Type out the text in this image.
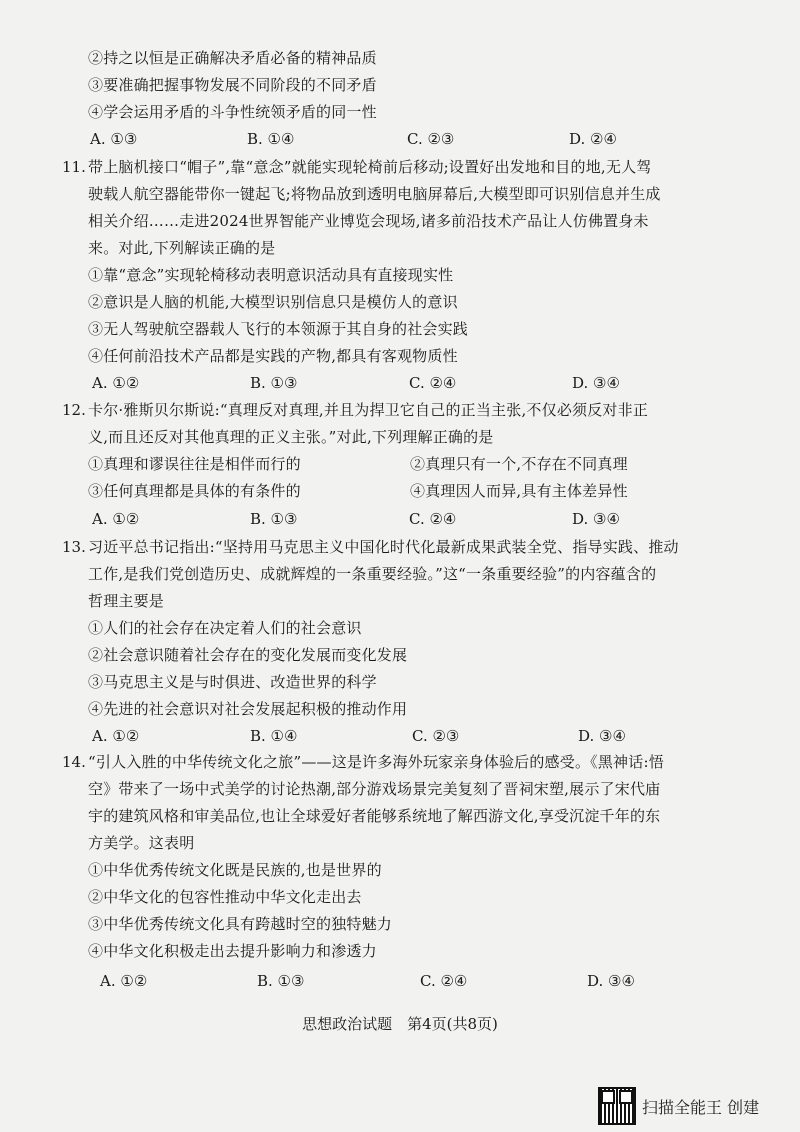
②持之以恒是正确解决矛盾必备的精神品质
③要准确把握事物发展不同阶段的不同矛盾
④学会运用矛盾的斗争性统领矛盾的同一性
A. ①③	B. ①④	C. ②③	D. ②④
11. 带上脑机接口“帽子”,靠“意念”就能实现轮椅前后移动;设置好出发地和目的地,无人驾
驶载人航空器能带你一键起飞;将物品放到透明电脑屏幕后,大模型即可识别信息并生成
相关介绍……走进2024世界智能产业博览会现场,诸多前沿技术产品让人仿佛置身未
来。对此,下列解读正确的是
①靠“意念”实现轮椅移动表明意识活动具有直接现实性
②意识是人脑的机能,大模型识别信息只是模仿人的意识
③无人驾驶航空器载人飞行的本领源于其自身的社会实践
④任何前沿技术产品都是实践的产物,都具有客观物质性
A. ①②	B. ①③	C. ②④	D. ③④
12. 卡尔·雅斯贝尔斯说:“真理反对真理,并且为捍卫它自己的正当主张,不仅必须反对非正
义,而且还反对其他真理的正义主张。”对此,下列理解正确的是
①真理和谬误往往是相伴而行的	②真理只有一个,不存在不同真理
③任何真理都是具体的有条件的	④真理因人而异,具有主体差异性
A. ①②	B. ①③	C. ②④	D. ③④
13. 习近平总书记指出:“坚持用马克思主义中国化时代化最新成果武装全党、指导实践、推动
工作,是我们党创造历史、成就辉煌的一条重要经验。”这“一条重要经验”的内容蕴含的
哲理主要是
①人们的社会存在决定着人们的社会意识
②社会意识随着社会存在的变化发展而变化发展
③马克思主义是与时俱进、改造世界的科学
④先进的社会意识对社会发展起积极的推动作用
A. ①②	B. ①④	C. ②③	D. ③④
14. “引人入胜的中华传统文化之旅”——这是许多海外玩家亲身体验后的感受。《黑神话:悟
空》带来了一场中式美学的讨论热潮,部分游戏场景完美复刻了晋祠宋塑,展示了宋代庙
宇的建筑风格和审美品位,也让全球爱好者能够系统地了解西游文化,享受沉淀千年的东
方美学。这表明
①中华优秀传统文化既是民族的,也是世界的
②中华文化的包容性推动中华文化走出去
③中华优秀传统文化具有跨越时空的独特魅力
④中华文化积极走出去提升影响力和渗透力
A. ①②	B. ①③	C. ②④	D. ③④
思想政治试题　第4页(共8页)
扫描全能王 创建
